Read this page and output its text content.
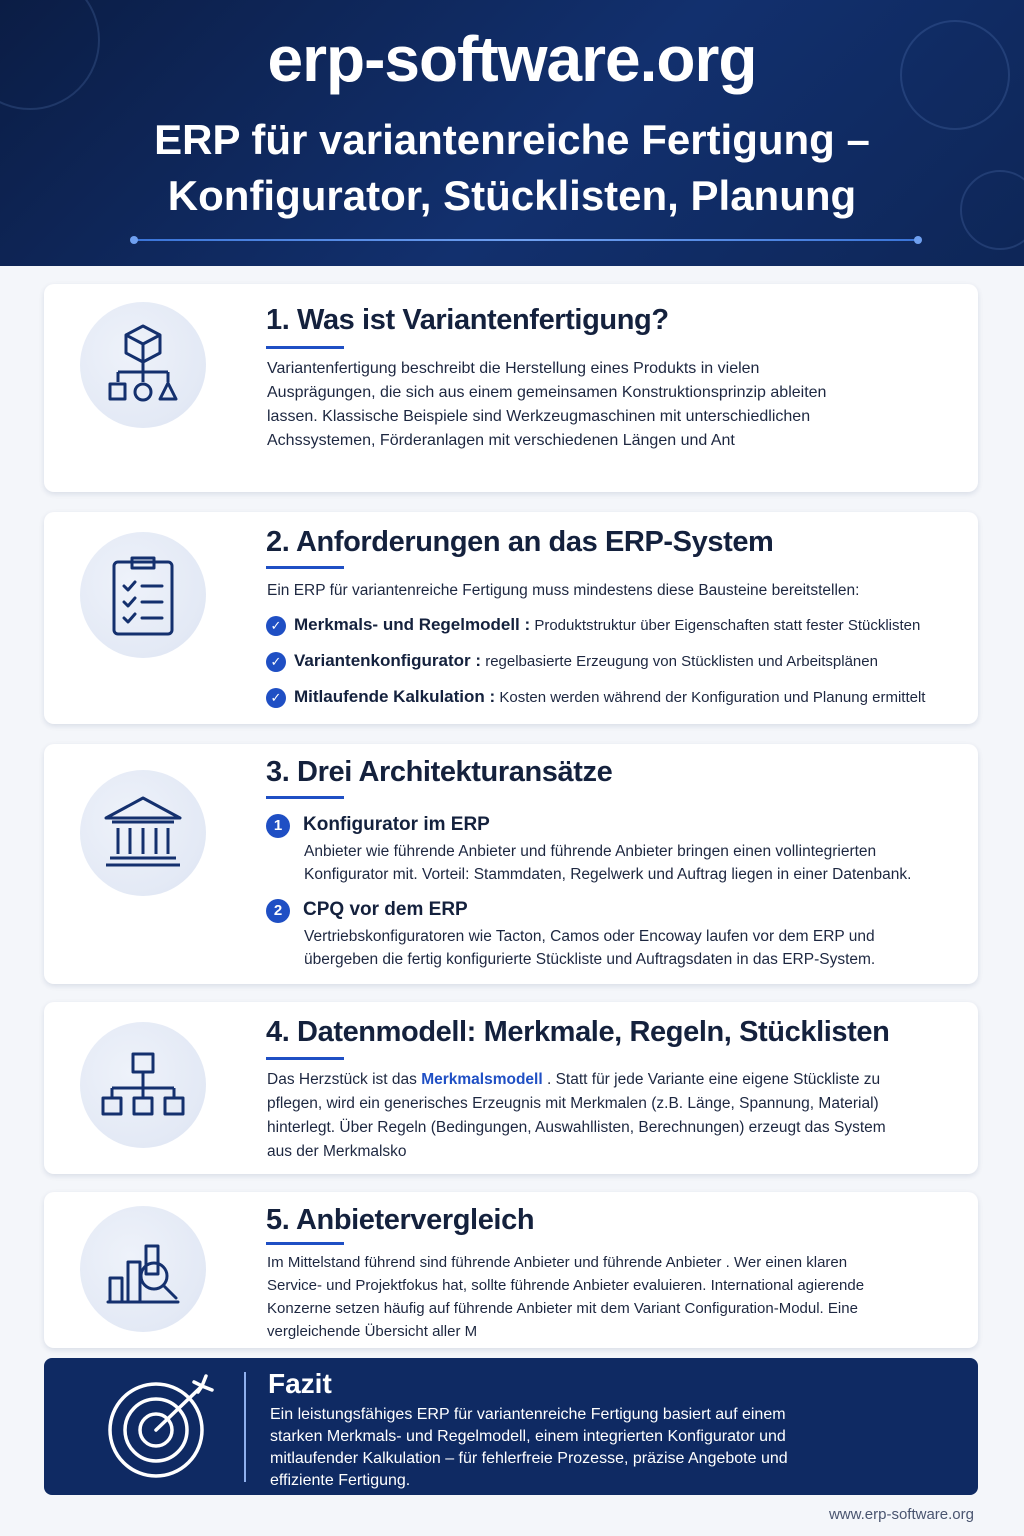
erp-software.org
ERP für variantenreiche Fertigung –
Konfigurator, Stücklisten, Planung
1. Was ist Variantenfertigung?

Variantenfertigung beschreibt die Herstellung eines Produkts in vielen Ausprägungen, die sich aus einem gemeinsamen Konstruktionsprinzip ableiten lassen. Klassische Beispiele sind Werkzeugmaschinen mit unterschiedlichen Achssystemen, Förderanlagen mit verschiedenen Längen und Ant

2. Anforderungen an das ERP-System

Ein ERP für variantenreiche Fertigung muss mindestens diese Bausteine bereitstellen:

✓ Merkmals- und Regelmodell : Produktstruktur über Eigenschaften statt fester Stücklisten
✓ Variantenkonfigurator : regelbasierte Erzeugung von Stücklisten und Arbeitsplänen
✓ Mitlaufende Kalkulation : Kosten werden während der Konfiguration und Planung ermittelt
3. Drei Architekturansätze
1	Konfigurator im ERP
Anbieter wie führende Anbieter und führende Anbieter bringen einen vollintegrierten
Konfigurator mit. Vorteil: Stammdaten, Regelwerk und Auftrag liegen in einer Datenbank.
2	CPQ vor dem ERP
Vertriebskonfiguratoren wie Tacton, Camos oder Encoway laufen vor dem ERP und
übergeben die fertig konfigurierte Stückliste und Auftragsdaten in das ERP-System.
4. Datenmodell: Merkmale, Regeln, Stücklisten

Das Herzstück ist das Merkmalsmodell . Statt für jede Variante eine eigene Stückliste zu pflegen, wird ein generisches Erzeugnis mit Merkmalen (z.B. Länge, Spannung, Material) hinterlegt. Über Regeln (Bedingungen, Auswahllisten, Berechnungen) erzeugt das System aus der Merkmalsko

5. Anbietervergleich

Im Mittelstand führend sind führende Anbieter und führende Anbieter . Wer einen klaren Service- und Projektfokus hat, sollte führende Anbieter evaluieren. International agierende Konzerne setzen häufig auf führende Anbieter mit dem Variant Configuration-Modul. Eine vergleichende Übersicht aller M

Fazit

Ein leistungsfähiges ERP für variantenreiche Fertigung basiert auf einem starken Merkmals- und Regelmodell, einem integrierten Konfigurator und mitlaufender Kalkulation – für fehlerfreie Prozesse, präzise Angebote und effiziente Fertigung.

www.erp-software.org
